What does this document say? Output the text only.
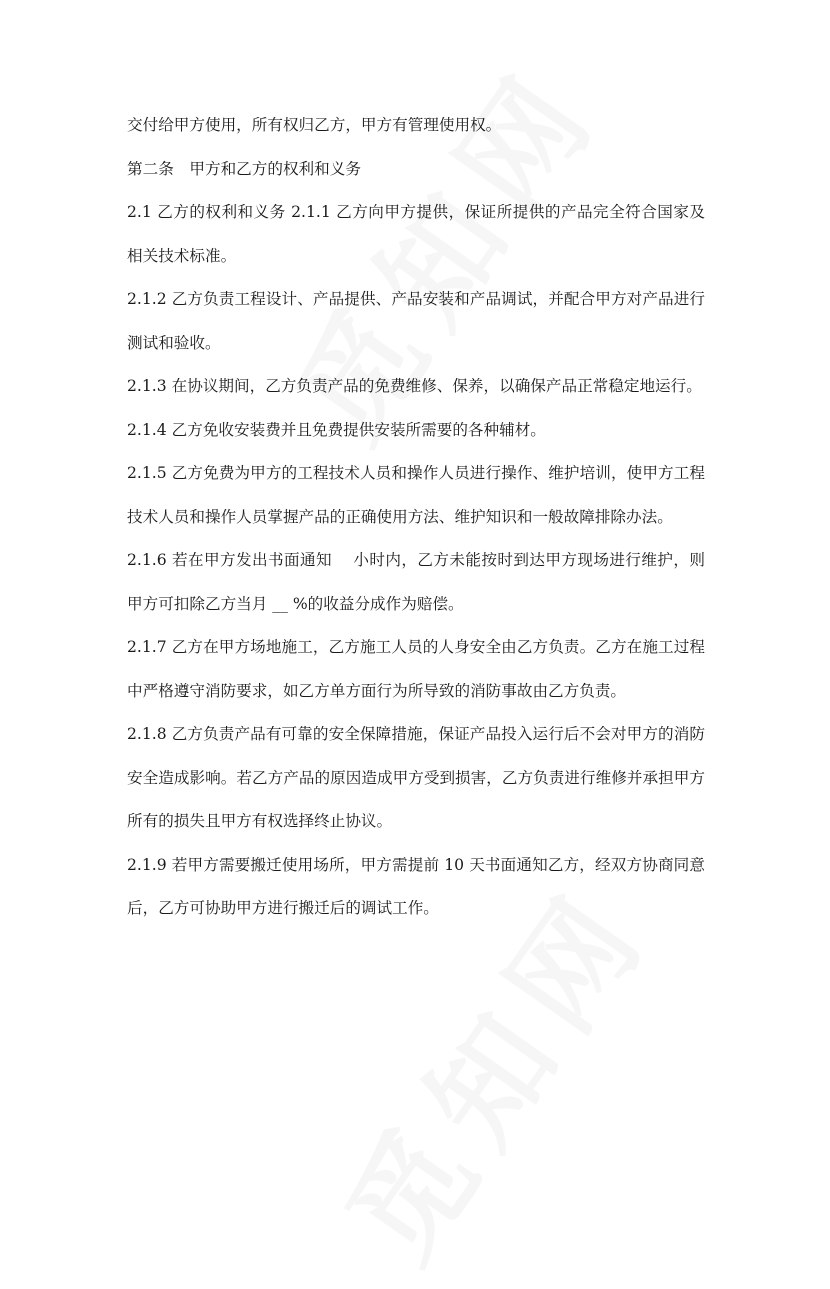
交付给甲方使用，所有权归乙方，甲方有管理使用权。

第二条　甲方和乙方的权利和义务

2.1 乙方的权利和义务 2.1.1 乙方向甲方提供，保证所提供的产品完全符合国家及相关技术标准。

2.1.2 乙方负责工程设计、产品提供、产品安装和产品调试，并配合甲方对产品进行测试和验收。

2.1.3 在协议期间，乙方负责产品的免费维修、保养，以确保产品正常稳定地运行。

2.1.4 乙方免收安装费并且免费提供安装所需要的各种辅材。

2.1.5 乙方免费为甲方的工程技术人员和操作人员进行操作、维护培训，使甲方工程技术人员和操作人员掌握产品的正确使用方法、维护知识和一般故障排除办法。

2.1.6 若在甲方发出书面通知　 小时内，乙方未能按时到达甲方现场进行维护，则甲方可扣除乙方当月 __ %的收益分成作为赔偿。

2.1.7 乙方在甲方场地施工，乙方施工人员的人身安全由乙方负责。乙方在施工过程中严格遵守消防要求，如乙方单方面行为所导致的消防事故由乙方负责。

2.1.8 乙方负责产品有可靠的安全保障措施，保证产品投入运行后不会对甲方的消防安全造成影响。若乙方产品的原因造成甲方受到损害，乙方负责进行维修并承担甲方所有的损失且甲方有权选择终止协议。

2.1.9 若甲方需要搬迁使用场所，甲方需提前 10 天书面通知乙方，经双方协商同意后，乙方可协助甲方进行搬迁后的调试工作。
